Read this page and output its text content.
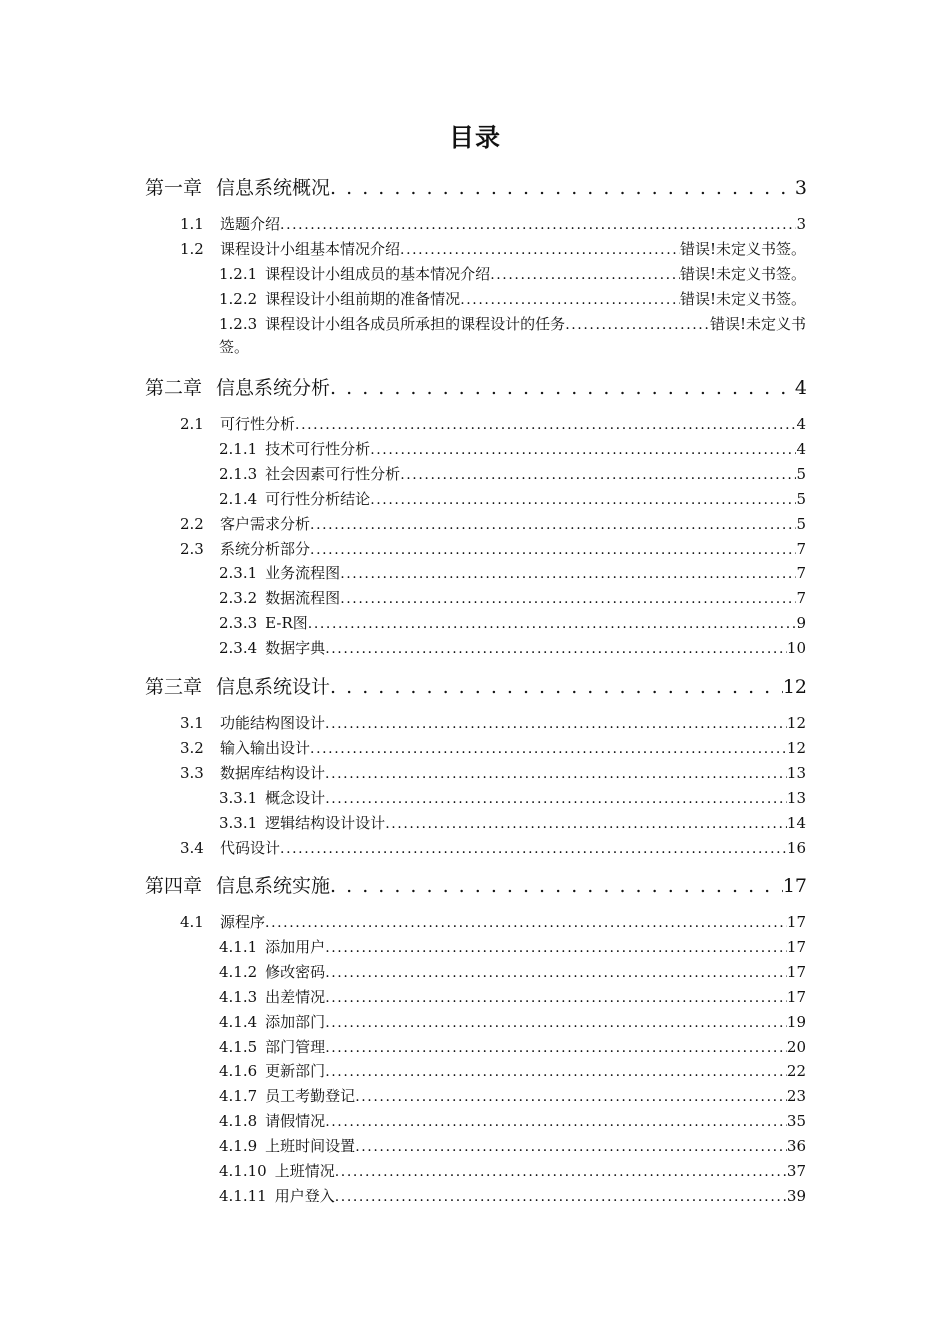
目录
第一章 信息系统概况 . . .	3
1.1	选题介绍 .....	3
1.2	课程设计小组基本情况介绍 .....	错误!未定义书签。
1.2.1 课程设计小组成员的基本情况介绍 .....	错误!未定义书签。
1.2.2 课程设计小组前期的准备情况 .....	错误!未定义书签。
1.2.3 课程设计小组各成员所承担的课程设计的任务 .....	错误!未定义书
签。
第二章 信息系统分析 . . .	4
2.1	可行性分析 .....	4
2.1.1 技术可行性分析 .....	4
2.1.3 社会因素可行性分析 .....	5
2.1.4 可行性分析结论 .....	5
2.2	客户需求分析 .....	5
2.3	系统分析部分 .....	7
2.3.1 业务流程图 .....	7
2.3.2 数据流程图 .....	7
2.3.3 E-R图 .....	9
2.3.4 数据字典 .....	10
第三章 信息系统设计 . . .	12
3.1	功能结构图设计 .....	12
3.2	输入输出设计 .....	12
3.3	数据库结构设计 .....	13
3.3.1 概念设计 .....	13
3.3.1 逻辑结构设计设计 .....	14
3.4	代码设计 .....	16
第四章 信息系统实施 . . .	17
4.1	源程序 .....	17
4.1.1 添加用户 .....	17
4.1.2 修改密码 .....	17
4.1.3 出差情况 .....	17
4.1.4 添加部门 .....	19
4.1.5 部门管理 .....	20
4.1.6 更新部门 .....	22
4.1.7 员工考勤登记 .....	23
4.1.8 请假情况 .....	35
4.1.9 上班时间设置 .....	36
4.1.10 上班情况 .....	37
4.1.11 用户登入 .....	39
